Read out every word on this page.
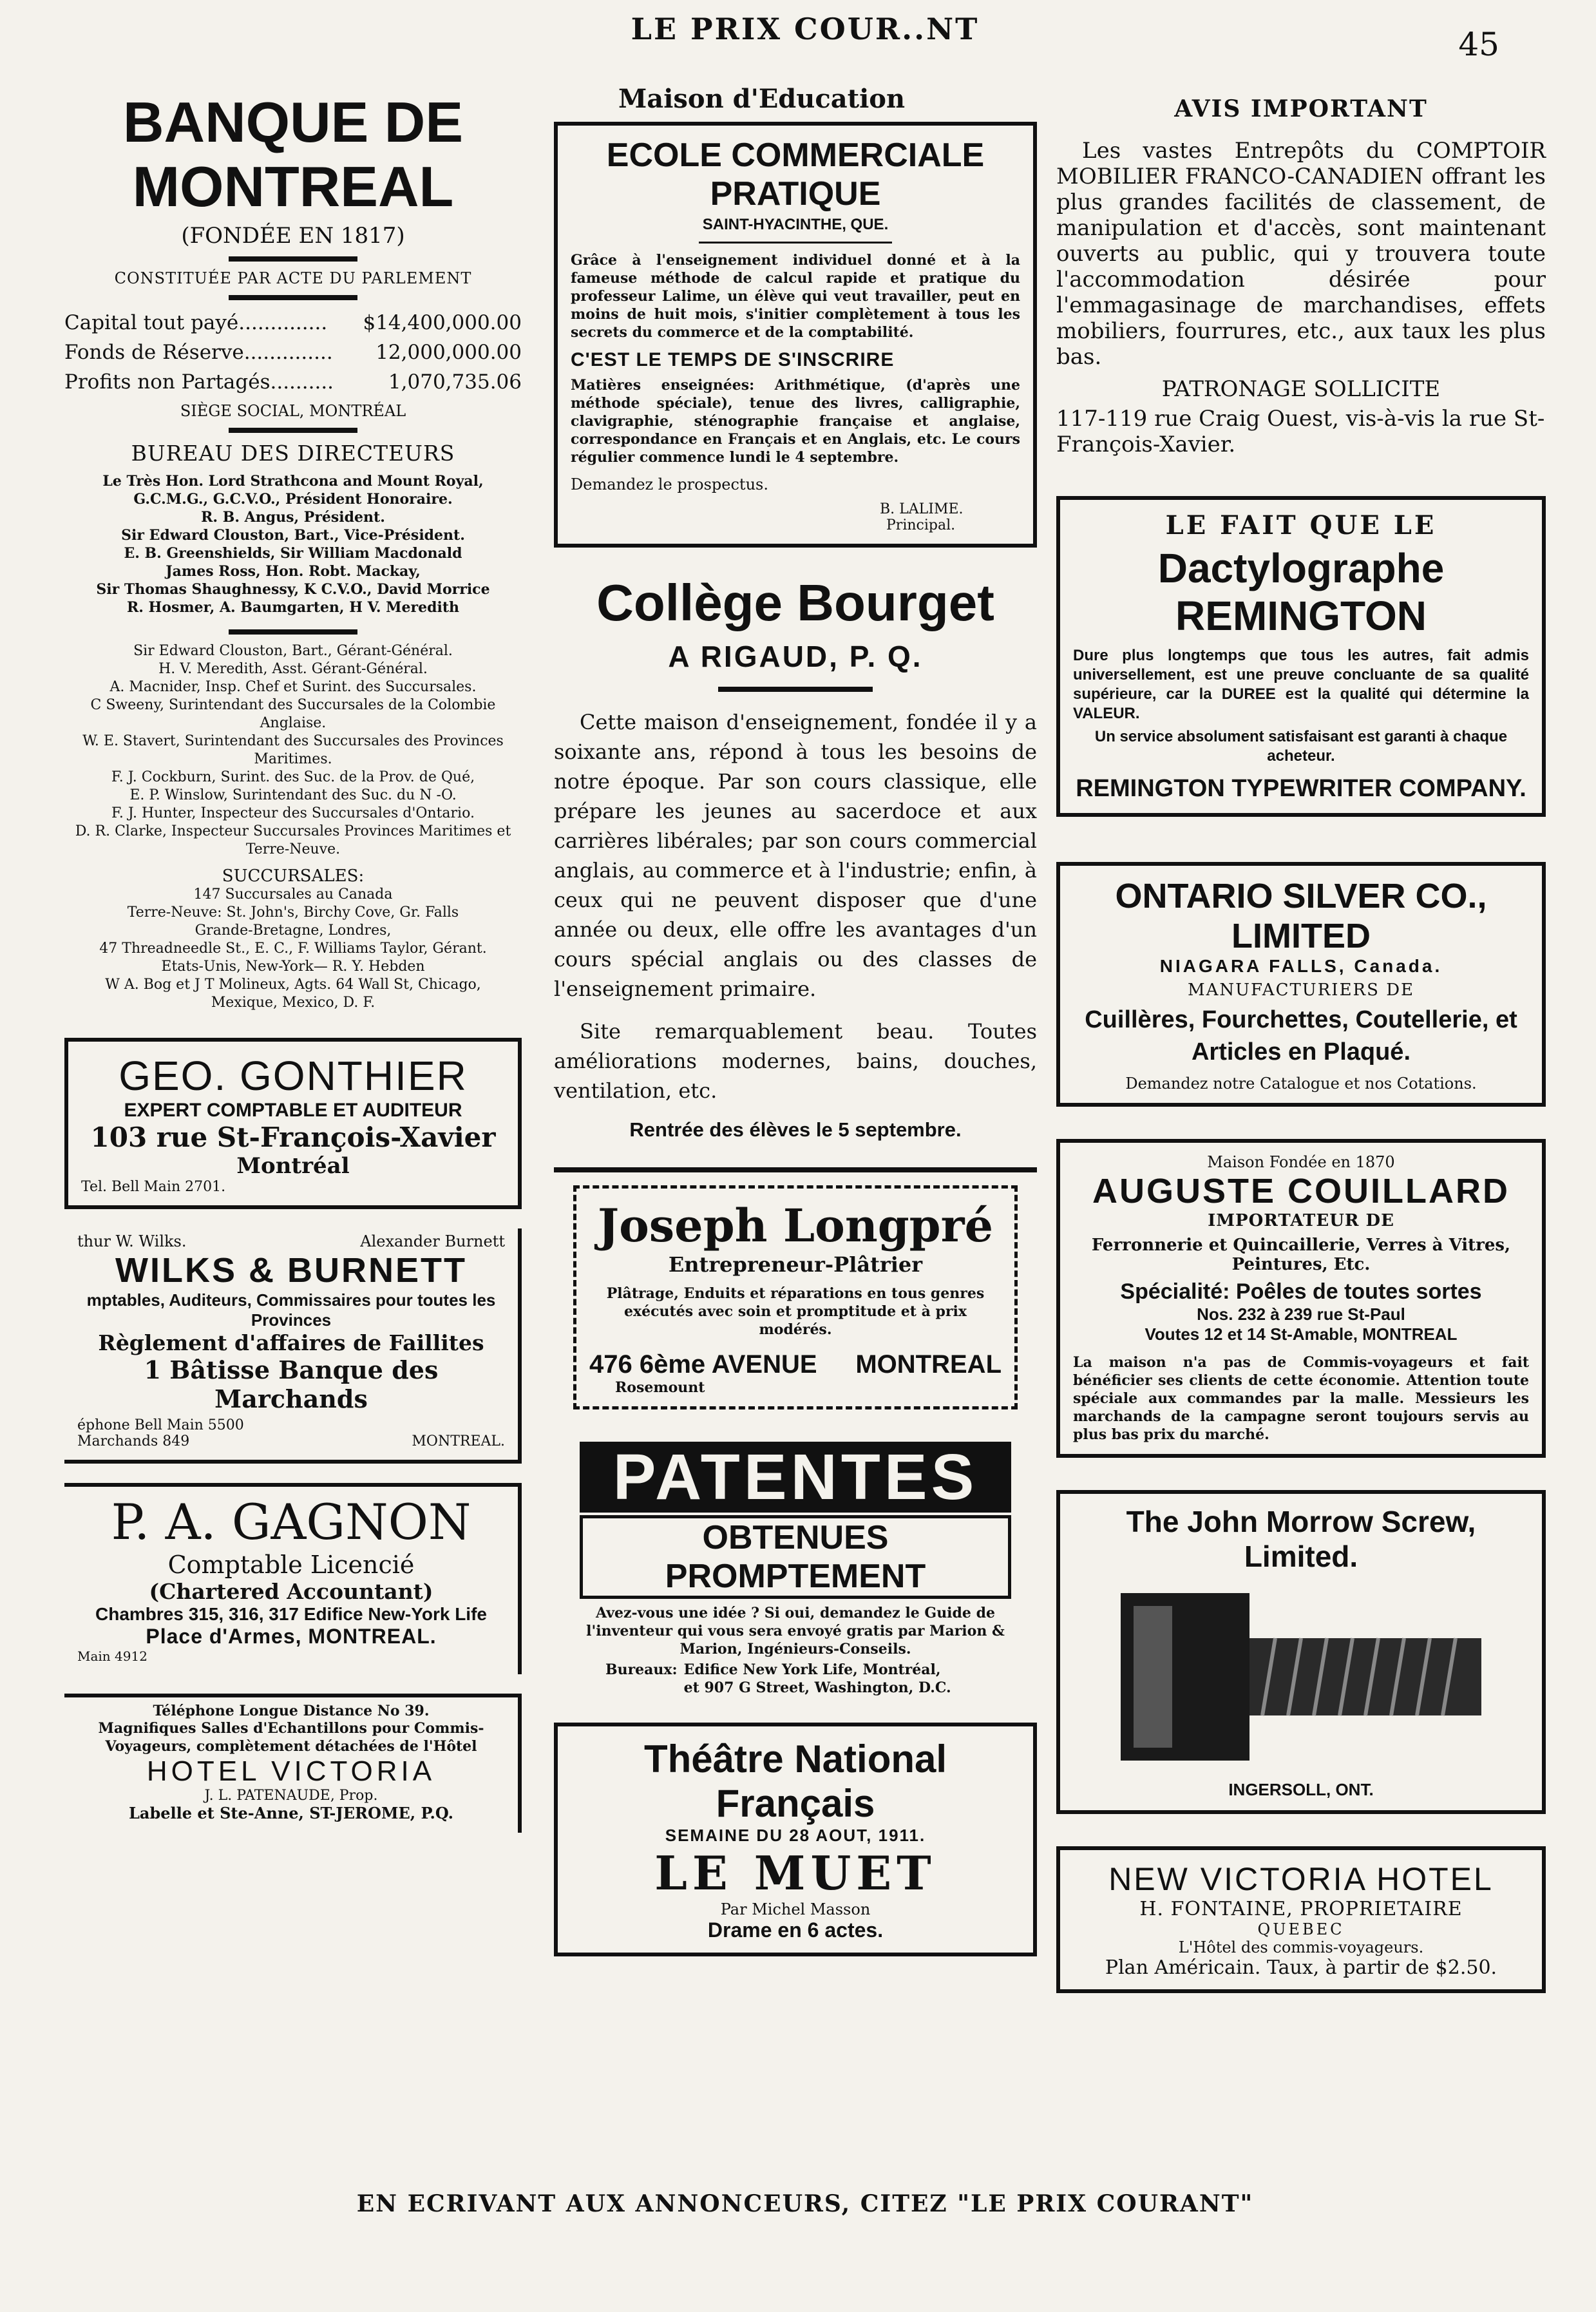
LE PRIX COUR..NT	45
BANQUE DE MONTREAL
(FONDÉE EN 1817)
CONSTITUÉE PAR ACTE DU PARLEMENT
Capital tout payé.............. $14,400,000.00
Fonds de Réserve.............. 12,000,000.00
Profits non Partagés..........	1,070,735.06
SIÈGE SOCIAL, MONTRÉAL
BUREAU DES DIRECTEURS
Le Très Hon. Lord Strathcona and Mount Royal, G.C.M.G., G.C.V.O., Président Honoraire.
R. B. Angus, Président.
Sir Edward Clouston, Bart., Vice-Président.
E. B. Greenshields, Sir William Macdonald
James Ross, Hon. Robt. Mackay,
Sir Thomas Shaughnessy, K C.V.O., David Morrice
R. Hosmer, A. Baumgarten, H V. Meredith
Sir Edward Clouston, Bart., Gérant-Général.
H. V. Meredith, Asst. Gérant-Général.
A. Macnider, Insp. Chef et Surint. des Succursales.
C Sweeny, Surintendant des Succursales de la Colombie Anglaise.
W. E. Stavert, Surintendant des Succursales des Provinces Maritimes.
F. J. Cockburn, Surint. des Suc. de la Prov. de Qué,
E. P. Winslow, Surintendant des Suc. du N -O.
F. J. Hunter, Inspecteur des Succursales d'Ontario.
D. R. Clarke, Inspecteur Succursales Provinces Maritimes et Terre-Neuve.
SUCCURSALES:
147 Succursales au Canada
Terre-Neuve: St. John's, Birchy Cove, Gr. Falls
Grande-Bretagne, Londres,
47 Threadneedle St., E. C., F. Williams Taylor, Gérant.
Etats-Unis, New-York— R. Y. Hebden
W A. Bog et J T Molineux, Agts. 64 Wall St, Chicago,
Mexique, Mexico, D. F.
GEO. GONTHIER
EXPERT COMPTABLE ET AUDITEUR
103 rue St-François-Xavier
Montréal
Tel. Bell Main 2701.
thur W. Wilks.	Alexander Burnett
WILKS & BURNETT
mptables, Auditeurs, Commissaires pour toutes les Provinces
Règlement d'affaires de Faillites
1 Bâtisse Banque des Marchands
éphone Bell Main 5500
Marchands 849	MONTREAL.
P. A. GAGNON
Comptable Licencié
(Chartered Accountant)
Chambres 315, 316, 317 Edifice New-York Life
Place d'Armes, MONTREAL.
Main 4912
Téléphone Longue Distance No 39.
Magnifiques Salles d'Echantillons pour Commis-Voyageurs, complètement détachées de l'Hôtel
HOTEL VICTORIA
J. L. PATENAUDE, Prop.
Labelle et Ste-Anne, ST-JEROME, P.Q.
Maison d'Education
ECOLE COMMERCIALE PRATIQUE
SAINT-HYACINTHE, QUE.
Grâce à l'enseignement individuel donné et à la fameuse méthode de calcul rapide et pratique du professeur Lalime, un élève qui veut travailler, peut en moins de huit mois, s'initier complètement à tous les secrets du commerce et de la comptabilité.
C'EST LE TEMPS DE S'INSCRIRE
Matières enseignées: Arithmétique, (d'après une méthode spéciale), tenue des livres, calligraphie, clavigraphie, sténographie française et anglaise, correspondance en Français et en Anglais, etc. Le cours régulier commence lundi le 4 septembre.
Demandez le prospectus.
B. LALIME.
Principal.
Collège Bourget
A RIGAUD, P. Q.
Cette maison d'enseignement, fondée il y a soixante ans, répond à tous les besoins de notre époque. Par son cours classique, elle prépare les jeunes au sacerdoce et aux carrières libérales; par son cours commercial anglais, au commerce et à l'industrie; enfin, à ceux qui ne peuvent disposer que d'une année ou deux, elle offre les avantages d'un cours spécial anglais ou des classes de l'enseignement primaire.
Site remarquablement beau. Toutes améliorations modernes, bains, douches, ventilation, etc.
Rentrée des élèves le 5 septembre.
Joseph Longpré
Entrepreneur-Plâtrier
Plâtrage, Enduits et réparations en tous genres exécutés avec soin et promptitude et à prix modérés.
476 6ème AVENUE
Rosemount
MONTREAL
PATENTES
OBTENUES PROMPTEMENT
Avez-vous une idée ? Si oui, demandez le Guide de l'inventeur qui vous sera envoyé gratis par Marion & Marion, Ingénieurs-Conseils.
Bureaux: Edifice New York Life, Montréal,
et 907 G Street, Washington, D.C.
Théâtre National Français
SEMAINE DU 28 AOUT, 1911.
LE MUET
Par Michel Masson
Drame en 6 actes.
AVIS IMPORTANT
Les vastes Entrepôts du COMPTOIR MOBILIER FRANCO-CANADIEN offrant les plus grandes facilités de classement, de manipulation et d'accès, sont maintenant ouverts au public, qui y trouvera toute l'accommodation désirée pour l'emmagasinage de marchandises, effets mobiliers, fourrures, etc., aux taux les plus bas.
PATRONAGE SOLLICITE
117-119 rue Craig Ouest, vis-à-vis la rue St-François-Xavier.
LE FAIT QUE LE
Dactylographe REMINGTON
Dure plus longtemps que tous les autres, fait admis universellement, est une preuve concluante de sa qualité supérieure, car la DUREE est la qualité qui détermine la VALEUR.
Un service absolument satisfaisant est garanti à chaque acheteur.
REMINGTON TYPEWRITER COMPANY.
ONTARIO SILVER CO., LIMITED
NIAGARA FALLS, Canada.
MANUFACTURIERS DE
Cuillères, Fourchettes, Coutellerie, et Articles en Plaqué.
Demandez notre Catalogue et nos Cotations.
Maison Fondée en 1870
AUGUSTE COUILLARD
IMPORTATEUR DE
Ferronnerie et Quincaillerie, Verres à Vitres, Peintures, Etc.
Spécialité: Poêles de toutes sortes
Nos. 232 à 239 rue St-Paul
Voutes 12 et 14 St-Amable, MONTREAL
La maison n'a pas de Commis-voyageurs et fait bénéficier ses clients de cette économie. Attention toute spéciale aux commandes par la malle. Messieurs les marchands de la campagne seront toujours servis au plus bas prix du marché.
The John Morrow Screw, Limited.
INGERSOLL, ONT.
NEW VICTORIA HOTEL
H. FONTAINE, PROPRIETAIRE
QUEBEC
L'Hôtel des commis-voyageurs.
Plan Américain. Taux, à partir de $2.50.
EN ECRIVANT AUX ANNONCEURS, CITEZ "LE PRIX COURANT"
